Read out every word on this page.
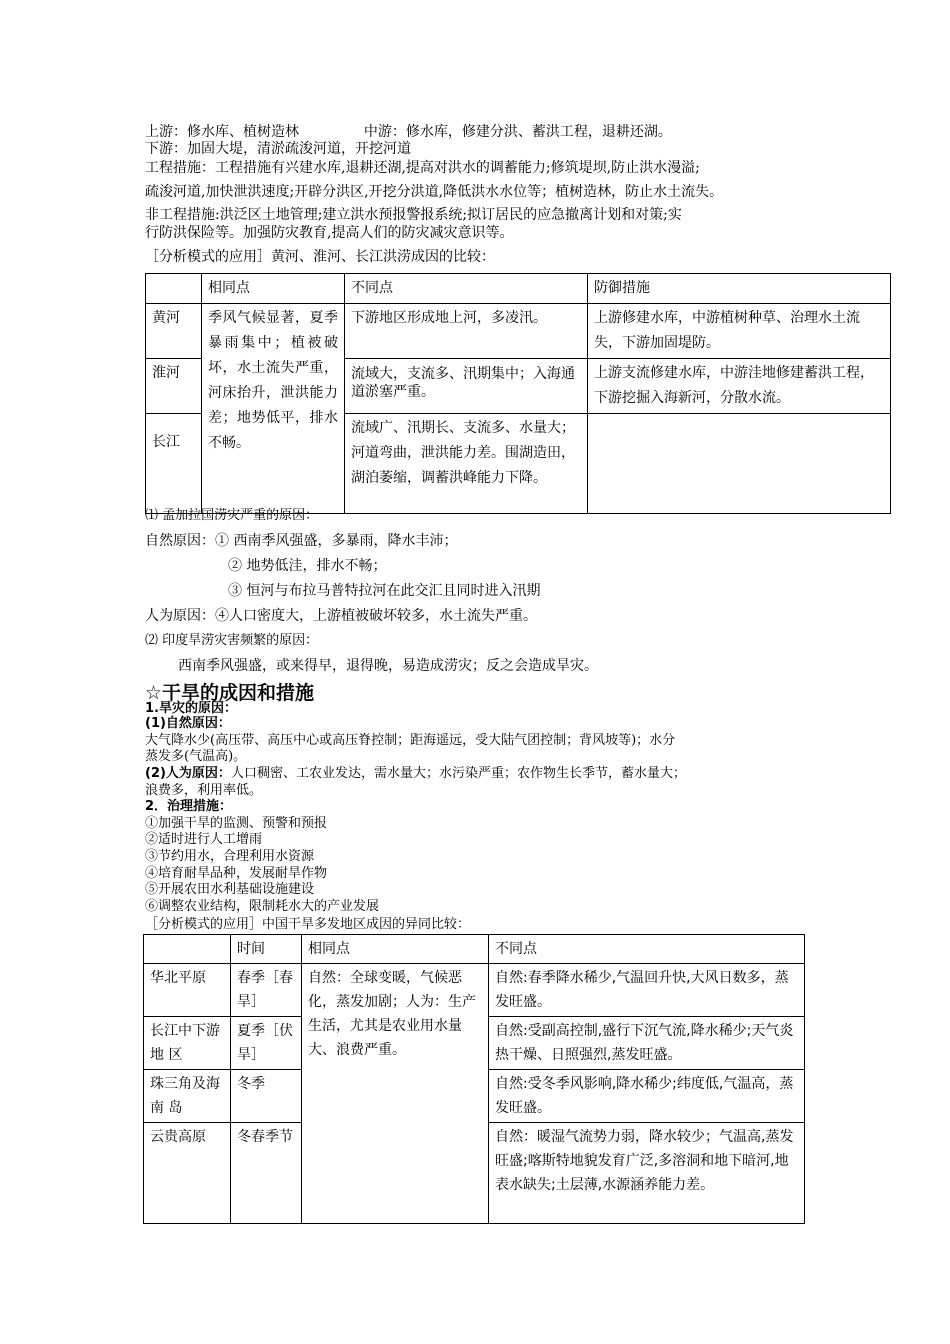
上游：修水库、植树造林	中游：修水库，修建分洪、蓄洪工程，退耕还湖。
下游：加固大堤，清淤疏浚河道，开挖河道
工程措施：工程措施有兴建水库,退耕还湖,提高对洪水的调蓄能力;修筑堤坝,防止洪水漫溢;
疏浚河道,加快泄洪速度;开辟分洪区,开挖分洪道,降低洪水水位等；植树造林，防止水土流失。
非工程措施:洪泛区土地管理;建立洪水预报警报系统;拟订居民的应急撤离计划和对策;实
行防洪保险等。加强防灾教育,提高人们的防灾减灾意识等。
［分析模式的应用］黄河、淮河、长江洪涝成因的比较：
	相同点	不同点	防御措施
黄河	季风气候显著，夏季暴雨集中；植被破坏，水土流失严重，河床抬升，泄洪能力差；地势低平，排水不畅。	下游地区形成地上河，多凌汛。	上游修建水库，中游植树种草、治理水土流失，下游加固堤防。
淮河		流域大，支流多、汛期集中；入海通道淤塞严重。	上游支流修建水库，中游洼地修建蓄洪工程，下游挖掘入海新河，分散水流。
长江		流域广、汛期长、支流多、水量大；河道弯曲，泄洪能力差。围湖造田，湖泊萎缩，调蓄洪峰能力下降。	
⑴ 孟加拉国涝灾严重的原因：
自然原因：① 西南季风强盛，多暴雨，降水丰沛；
② 地势低洼，排水不畅；
③ 恒河与布拉马普特拉河在此交汇且同时进入汛期
人为原因：④人口密度大，上游植被破坏较多，水土流失严重。
⑵ 印度旱涝灾害频繁的原因：
西南季风强盛，或来得早，退得晚，易造成涝灾；反之会造成旱灾。
☆干旱的成因和措施
1.旱灾的原因：
(1)自然原因：
大气降水少(高压带、高压中心或高压脊控制；距海遥远，受大陆气团控制；背风坡等)；水分
蒸发多(气温高)。
(2)人为原因：人口稠密、工农业发达，需水量大；水污染严重；农作物生长季节，蓄水量大；
浪费多，利用率低。
2．治理措施：
①加强干旱的监测、预警和预报
②适时进行人工增雨
③节约用水，合理利用水资源
④培育耐旱品种，发展耐旱作物
⑤开展农田水利基础设施建设
⑥调整农业结构，限制耗水大的产业发展
［分析模式的应用］中国干旱多发地区成因的异同比较：
	时间	相同点	不同点
华北平原	春季［春旱］	自然：全球变暖，气候恶化，蒸发加剧；人为：生产生活，尤其是农业用水量大、浪费严重。	自然:春季降水稀少,气温回升快,大风日数多，蒸发旺盛。
长江中下游 地 区	夏季［伏旱］		自然:受副高控制,盛行下沉气流,降水稀少;天气炎热干燥、日照强烈,蒸发旺盛。
珠三角及海 南 岛	冬季		自然:受冬季风影响,降水稀少;纬度低,气温高，蒸发旺盛。
云贵高原	冬春季节		自然：暖湿气流势力弱，降水较少；气温高,蒸发旺盛;喀斯特地貌发育广泛,多溶洞和地下暗河,地表水缺失;土层薄,水源涵养能力差。
